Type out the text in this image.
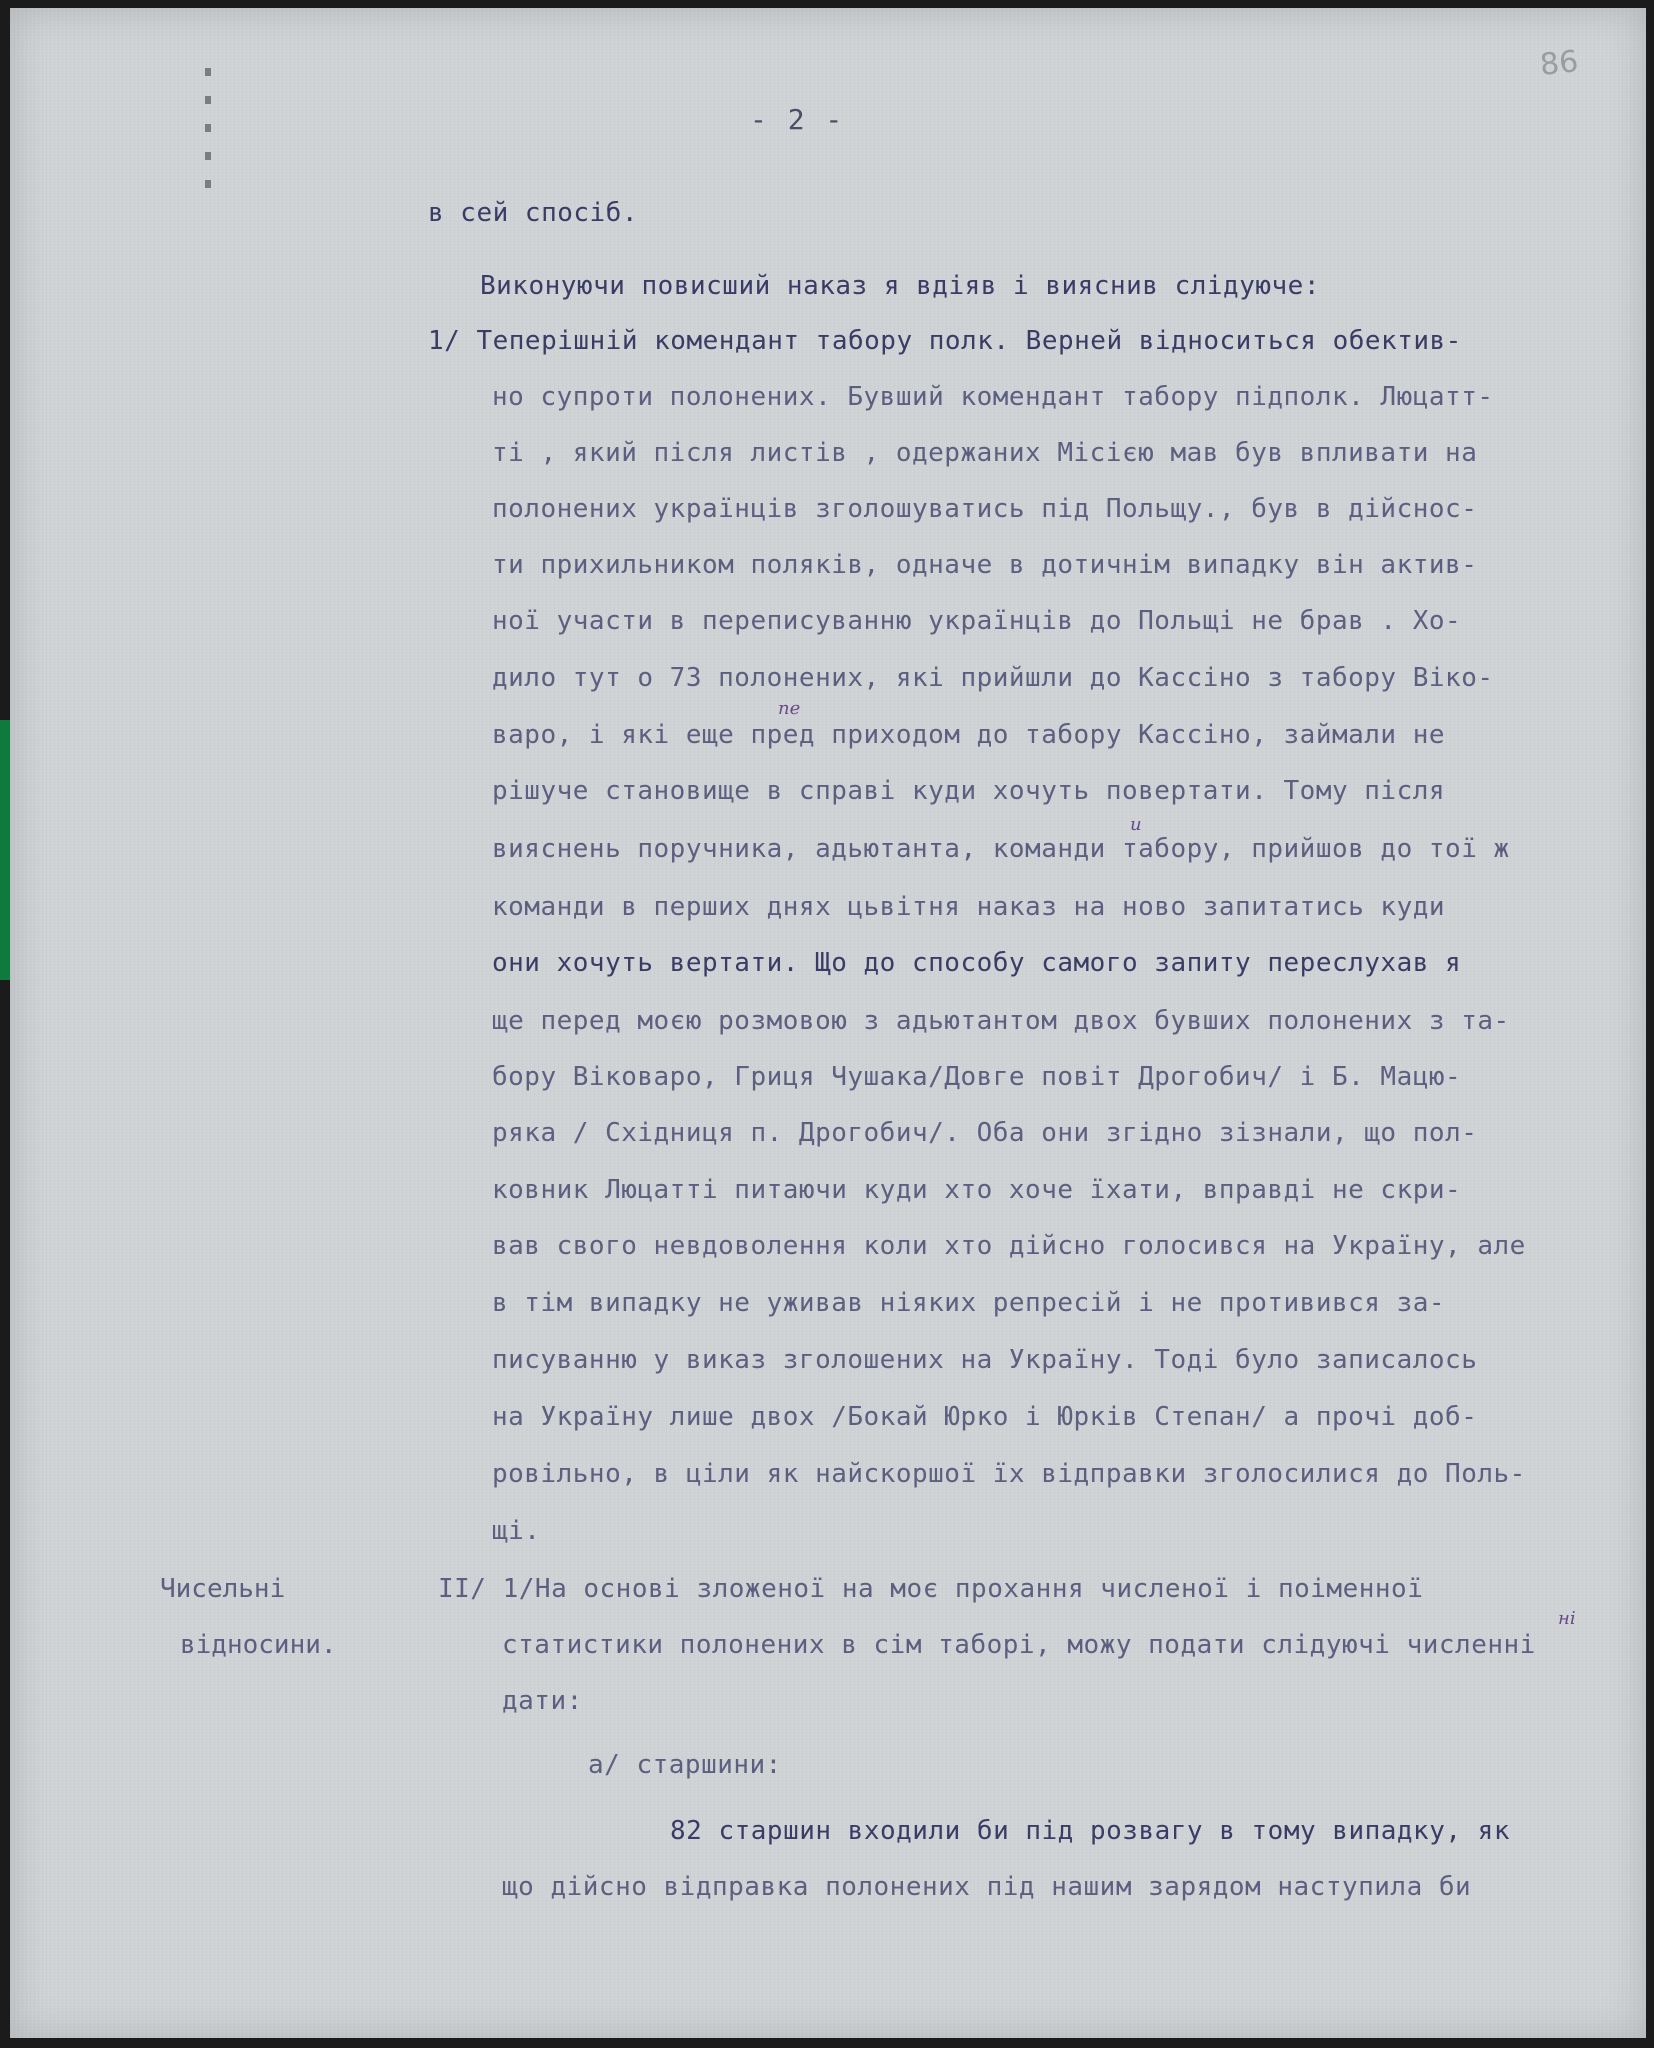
86
- 2 -
в сей спосіб.
Виконуючи повисший наказ я вдіяв і вияснив слідуюче:
1/ Теперішній комендант табору полк. Верней відноситься обектив-
но супроти полонених. Бувший комендант табору підполк. Люцатт-
ті , який після листів , одержаних Місією мав був впливати на
полонених українців зголошуватись під Польщу., був в дійснос-
ти прихильником поляків, одначе в дотичнім випадку він актив-
ної участи в переписуванню українців до Польщі не брав . Хо-
дило тут о 73 полонених, які прийшли до Кассіно з табору Віко-
варо, і які еще пред приходом до табору Кассіно, займали не
рішуче становище в справі куди хочуть повертати. Тому після
вияснень поручника, адьютанта, команди табору, прийшов до тої ж
команди в перших днях цьвітня наказ на ново запитатись куди
они хочуть вертати. Що до способу самого запиту переслухав я
ще перед моєю розмовою з адьютантом двох бувших полонених з та-
бору Віковаро, Гриця Чушака/Довге повіт Дрогобич/ і Б. Мацю-
ряка / Східниця п. Дрогобич/. Оба они згідно зізнали, що пол-
ковник Люцатті питаючи куди хто хоче їхати, вправді не скри-
вав свого невдоволення коли хто дійсно голосився на Україну, але
в тім випадку не уживав ніяких репресій і не противився за-
писуванню у виказ зголошених на Україну. Тоді було записалось
на Україну лише двох /Бокай Юрко і Юрків Степан/ а прочі доб-
ровільно, в ціли як найскоршої їх відправки зголосилися до Поль-
щі.
Чисельні
відносини.
II/ 1/На основі зложеної на моє прохання численої і поіменної
статистики полонених в сім таборі, можу подати слідуючі численні
дати:
а/ старшини:
82 старшин входили би під розвагу в тому випадку, як
що дійсно відправка полонених під нашим зарядом наступила би
пе
и
ні
